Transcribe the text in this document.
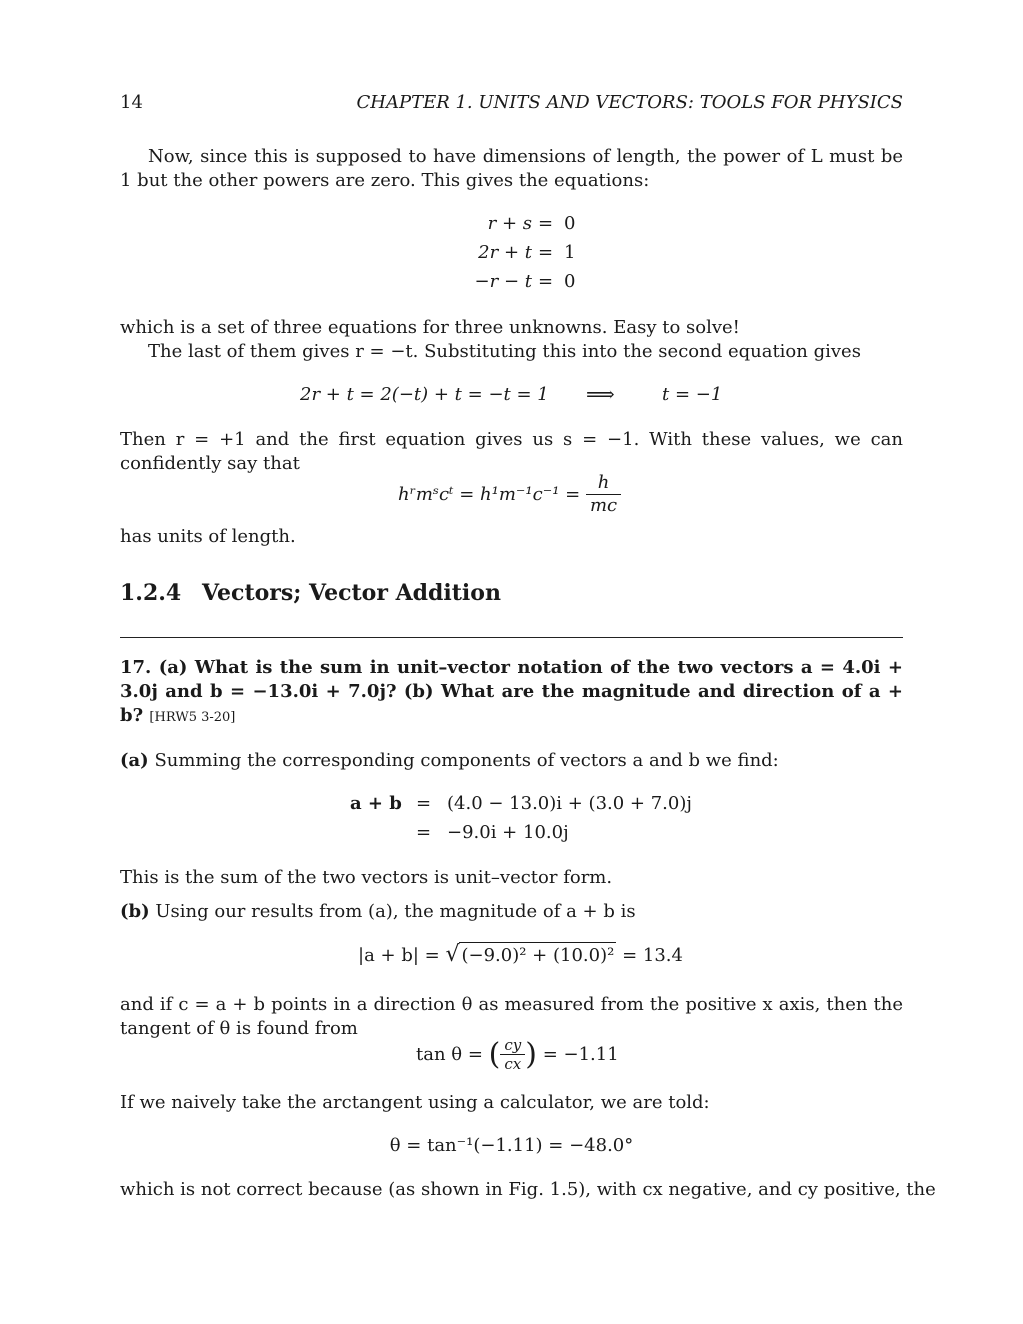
14	CHAPTER 1. UNITS AND VECTORS: TOOLS FOR PHYSICS
Now, since this is supposed to have dimensions of length, the power of L must be 1 but the other powers are zero. This gives the equations:
r + s = 0
2r + t = 1
−r − t = 0
which is a set of three equations for three unknowns. Easy to solve!
The last of them gives r = −t. Substituting this into the second equation gives
2r + t = 2(−t) + t = −t = 1 ⟹	t = −1
Then r = +1 and the first equation gives us s = −1. With these values, we can confidently say that
hʳmˢcᵗ = $h^1m^{-1}c^{-1} = \frac{h}{mc}$
has units of length.
1.2.4 Vectors; Vector Addition
17. (a) What is the sum in unit–vector notation of the two vectors a = 4.0i + 3.0j and b = −13.0i + 7.0j? (b) What are the magnitude and direction of a + b? [HRW5 3-20]
(a) Summing the corresponding components of vectors a and b we find:
a + b = (4.0 − 13.0)i + (3.0 + 7.0)j
= −9.0i + 10.0j
This is the sum of the two vectors is unit–vector form.
(b) Using our results from (a), the magnitude of a + b is
|a + b| = √ (−9.0)² + (10.0)² = 13.4
and if c = a + b points in a direction θ as measured from the positive x axis, then the tangent of θ is found from
tan θ = ( $\frac{cy}{cx}$ ) = −1.11
If we naively take the arctangent using a calculator, we are told:
θ = tan⁻¹(−1.11) = −48.0°
which is not correct because (as shown in Fig. 1.5), with cx negative, and cy positive, the
